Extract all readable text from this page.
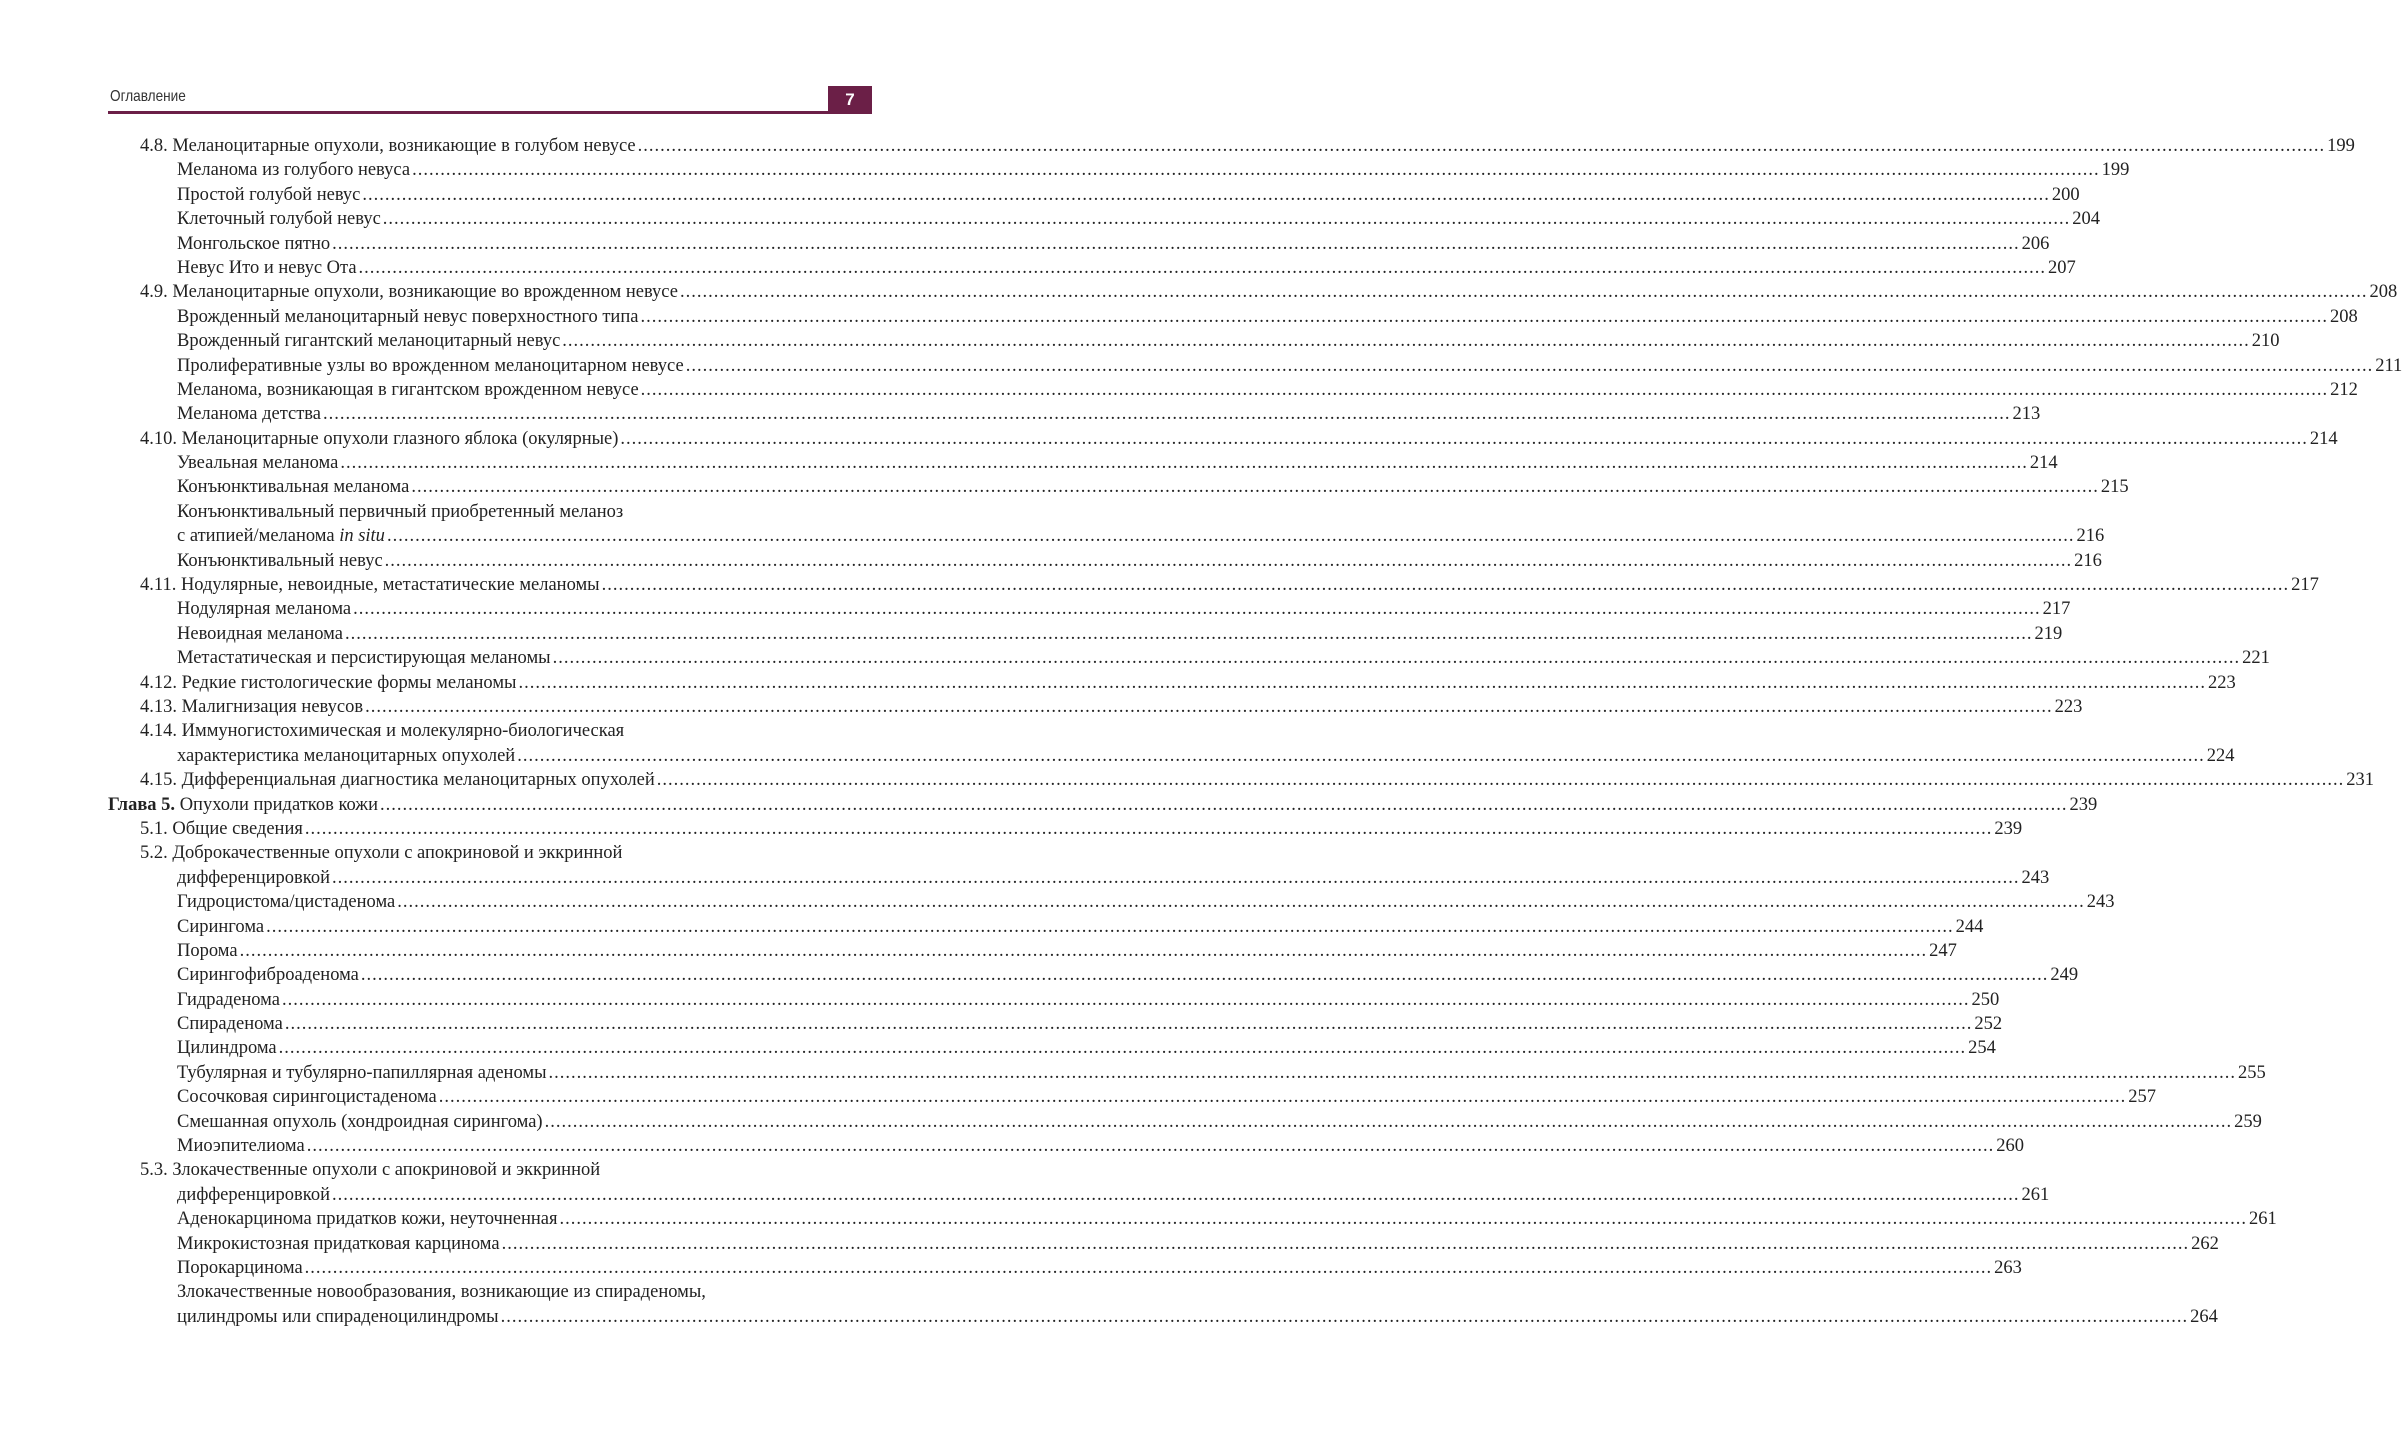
Оглавление	7
4.8. Меланоцитарные опухоли, возникающие в голубом невусе ............................................................................................................................................................................................................................................................................................................ 199
Меланома из голубого невуса ............................................................................................................................................................................................................................................................................................................ 199
Простой голубой невус ............................................................................................................................................................................................................................................................................................................ 200
Клеточный голубой невус ............................................................................................................................................................................................................................................................................................................ 204
Монгольское пятно ............................................................................................................................................................................................................................................................................................................ 206
Невус Ито и невус Ота ............................................................................................................................................................................................................................................................................................................ 207
4.9. Меланоцитарные опухоли, возникающие во врожденном невусе ............................................................................................................................................................................................................................................................................................................ 208
Врожденный меланоцитарный невус поверхностного типа ............................................................................................................................................................................................................................................................................................................ 208
Врожденный гигантский меланоцитарный невус ............................................................................................................................................................................................................................................................................................................ 210
Пролиферативные узлы во врожденном меланоцитарном невусе ............................................................................................................................................................................................................................................................................................................ 211
Меланома, возникающая в гигантском врожденном невусе ............................................................................................................................................................................................................................................................................................................ 212
Меланома детства ............................................................................................................................................................................................................................................................................................................ 213
4.10. Меланоцитарные опухоли глазного яблока (окулярные) ............................................................................................................................................................................................................................................................................................................ 214
Увеальная меланома ............................................................................................................................................................................................................................................................................................................ 214
Конъюнктивальная меланома ............................................................................................................................................................................................................................................................................................................ 215
Конъюнктивальный первичный приобретенный меланоз
с атипией/меланома in situ ............................................................................................................................................................................................................................................................................................................ 216
Конъюнктивальный невус ............................................................................................................................................................................................................................................................................................................ 216
4.11. Нодулярные, невоидные, метастатические меланомы ............................................................................................................................................................................................................................................................................................................ 217
Нодулярная меланома ............................................................................................................................................................................................................................................................................................................ 217
Невоидная меланома ............................................................................................................................................................................................................................................................................................................ 219
Метастатическая и персистирующая меланомы ............................................................................................................................................................................................................................................................................................................ 221
4.12. Редкие гистологические формы меланомы ............................................................................................................................................................................................................................................................................................................ 223
4.13. Малигнизация невусов ............................................................................................................................................................................................................................................................................................................ 223
4.14. Иммуногистохимическая и молекулярно-биологическая
характеристика меланоцитарных опухолей ............................................................................................................................................................................................................................................................................................................ 224
4.15. Дифференциальная диагностика меланоцитарных опухолей ............................................................................................................................................................................................................................................................................................................ 231
Глава 5. Опухоли придатков кожи ............................................................................................................................................................................................................................................................................................................ 239
5.1. Общие сведения ............................................................................................................................................................................................................................................................................................................ 239
5.2. Доброкачественные опухоли с апокриновой и эккринной
дифференцировкой ............................................................................................................................................................................................................................................................................................................ 243
Гидроцистома/цистаденома ............................................................................................................................................................................................................................................................................................................ 243
Сирингома ............................................................................................................................................................................................................................................................................................................ 244
Порома ............................................................................................................................................................................................................................................................................................................ 247
Сирингофиброаденома ............................................................................................................................................................................................................................................................................................................ 249
Гидраденома ............................................................................................................................................................................................................................................................................................................ 250
Спираденома ............................................................................................................................................................................................................................................................................................................ 252
Цилиндрома ............................................................................................................................................................................................................................................................................................................ 254
Тубулярная и тубулярно-папиллярная аденомы ............................................................................................................................................................................................................................................................................................................ 255
Сосочковая сирингоцистаденома ............................................................................................................................................................................................................................................................................................................ 257
Смешанная опухоль (хондроидная сирингома) ............................................................................................................................................................................................................................................................................................................ 259
Миоэпителиома ............................................................................................................................................................................................................................................................................................................ 260
5.3. Злокачественные опухоли с апокриновой и эккринной
дифференцировкой ............................................................................................................................................................................................................................................................................................................ 261
Аденокарцинома придатков кожи, неуточненная ............................................................................................................................................................................................................................................................................................................ 261
Микрокистозная придатковая карцинома ............................................................................................................................................................................................................................................................................................................ 262
Порокарцинома ............................................................................................................................................................................................................................................................................................................ 263
Злокачественные новообразования, возникающие из спираденомы,
цилиндромы или спираденоцилиндромы ............................................................................................................................................................................................................................................................................................................ 264
